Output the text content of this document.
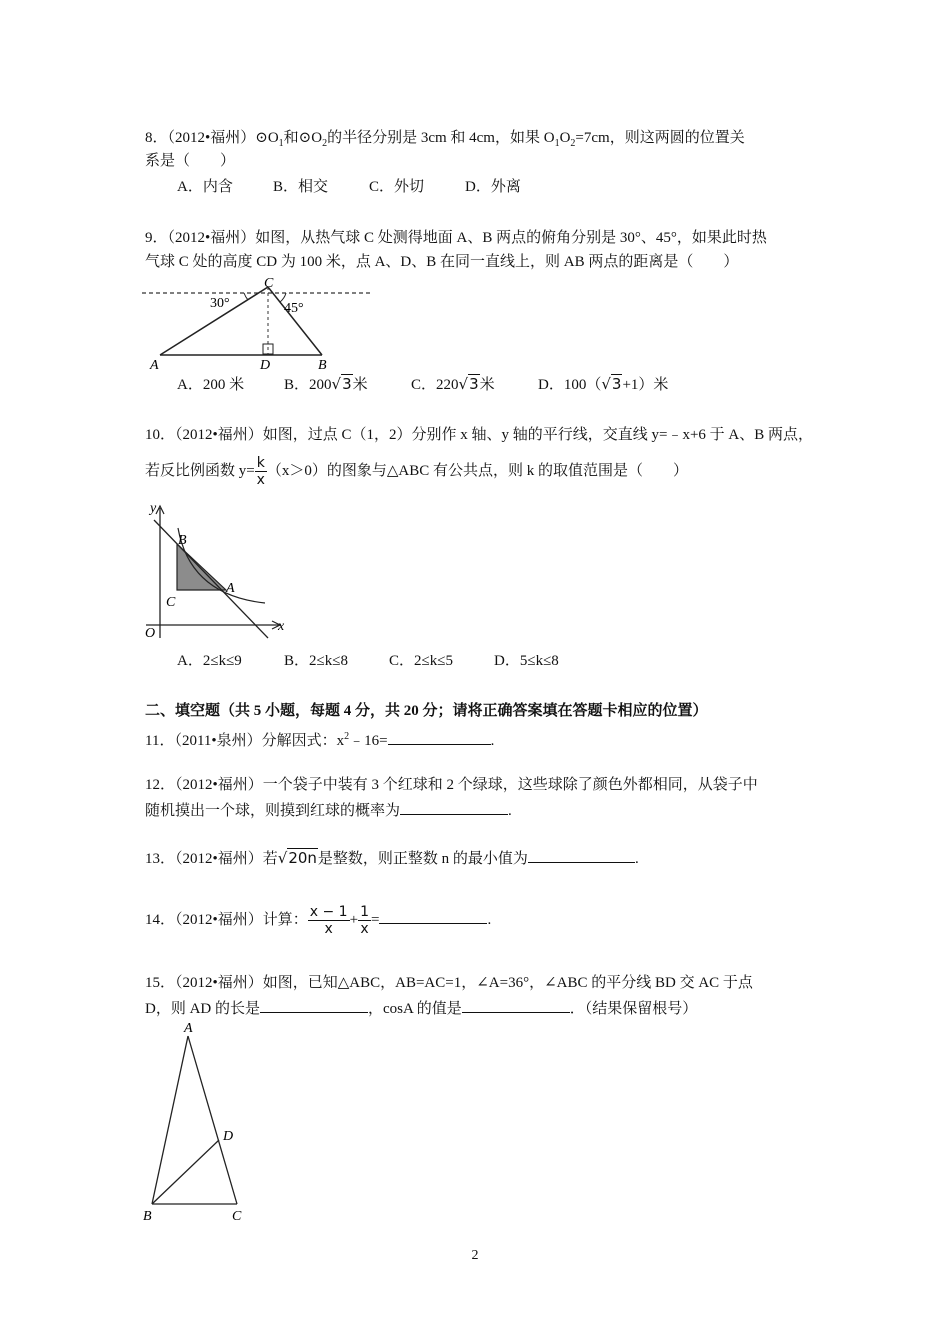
8．（2012•福州）$⊙O_1$和$⊙O_2$的半径分别是 3cm 和 4cm，如果 $O_1O_2=7cm$，则这两圆的位置关
系是（　　）
A．内含	B．相交	C．外切	D．外离
9．（2012•福州）如图，从热气球 C 处测得地面 A、B 两点的俯角分别是 30°、45°，如果此时热
气球 C 处的高度 CD 为 100 米，点 A、D、B 在同一直线上，则 AB 两点的距离是（　　）
C
30°	45°
A	D	B
A．200 米	B．200√3米	C．220√3米	D．100（√3+1）米
10．（2012•福州）如图，过点 C（1，2）分别作 x 轴、y 轴的平行线，交直线 y=﹣x+6 于 A、B 两点，
若反比例函数 $y= \frac{k}{x} (x>0)$的图象与△ABC 有公共点，则 k 的取值范围是（　　）
y
x
O
B
C
A
A．2≤k≤9	B．2≤k≤8	C．2≤k≤5	D．5≤k≤8
二、填空题（共 5 小题，每题 4 分，共 20 分；请将正确答案填在答题卡相应的位置）
11．（2011•泉州）分解因式：$x^2﹣16=$	.
12．（2012•福州）一个袋子中装有 3 个红球和 2 个绿球，这些球除了颜色外都相同，从袋子中
随机摸出一个球，则摸到红球的概率为	.
13．（2012•福州）若√20n是整数，则正整数 n 的最小值为	.
14．（2012•福州）计算： $\frac{x - 1}{x} + \frac{1}{x}$ =	.
15．（2012•福州）如图，已知△ABC，AB=AC=1，∠A=36°，∠ABC 的平分线 BD 交 AC 于点
D，则 AD 的长是	，cosA 的值是	．（结果保留根号）
A
D
B	C
2
